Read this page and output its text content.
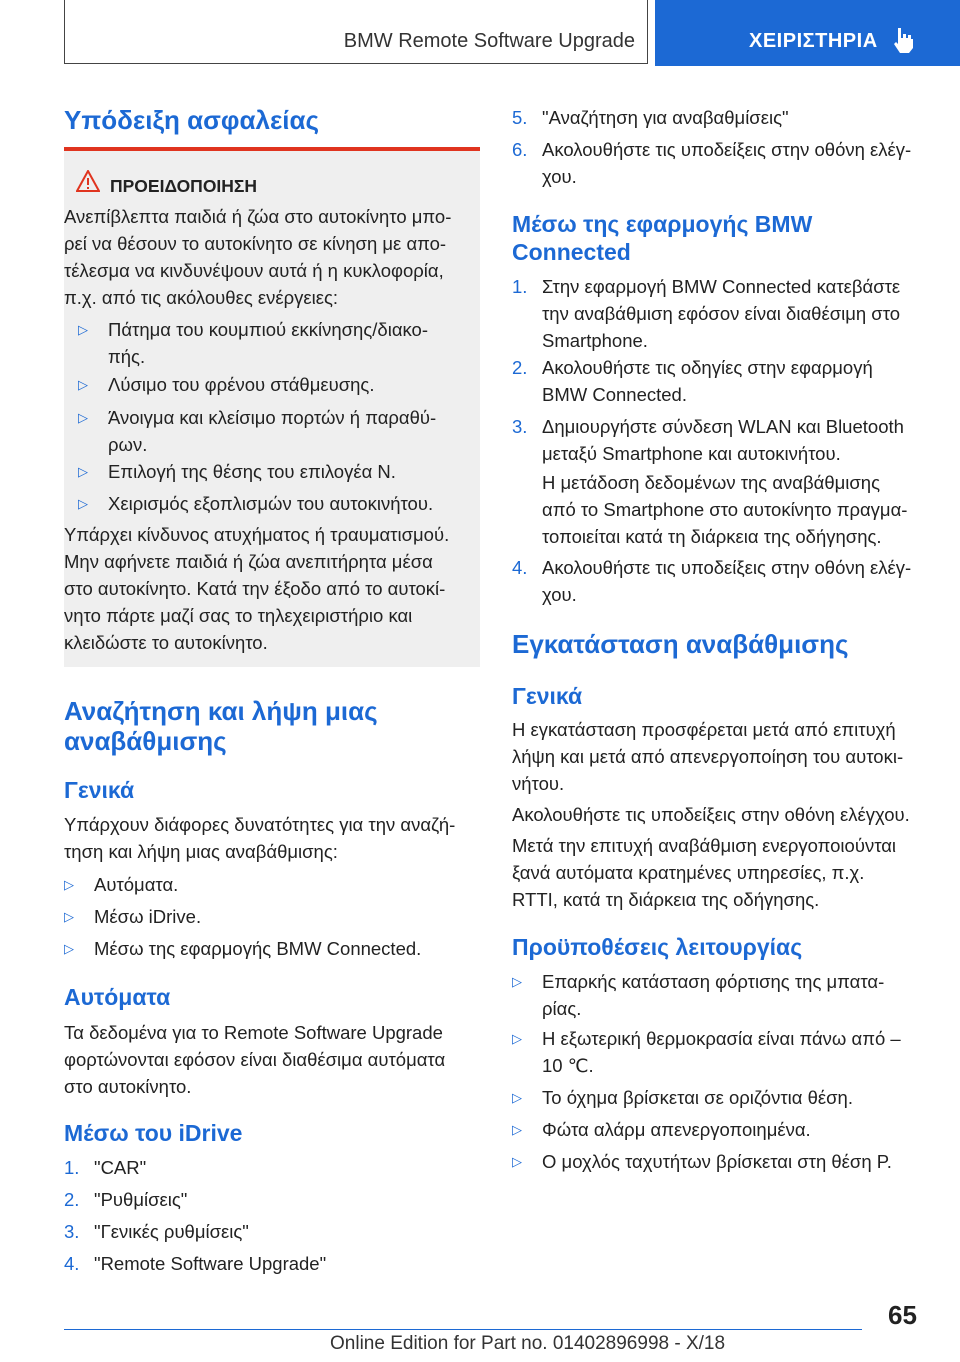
BMW Remote Software Upgrade	ΧΕΙΡΙΣΤΗΡΙΑ
Υπόδειξη ασφαλείας
ΠΡΟΕΙΔΟΠΟΙΗΣΗ
Ανεπίβλεπτα παιδιά ή ζώα στο αυτοκίνητο μπο-
ρεί να θέσουν το αυτοκίνητο σε κίνηση με απο-
τέλεσμα να κινδυνέψουν αυτά ή η κυκλοφορία,
π.χ. από τις ακόλουθες ενέργειες:
▷ Πάτημα του κουμπιού εκκίνησης/διακο-
πής.
▷ Λύσιμο του φρένου στάθμευσης.
▷ Άνοιγμα και κλείσιμο πορτών ή παραθύ-
ρων.
▷ Επιλογή της θέσης του επιλογέα N.
▷ Χειρισμός εξοπλισμών του αυτοκινήτου.
Υπάρχει κίνδυνος ατυχήματος ή τραυματισμού.
Μην αφήνετε παιδιά ή ζώα ανεπιτήρητα μέσα
στο αυτοκίνητο. Κατά την έξοδο από το αυτοκί-
νητο πάρτε μαζί σας το τηλεχειριστήριο και
κλειδώστε το αυτοκίνητο.
Αναζήτηση και λήψη μιας
αναβάθμισης
Γενικά
Υπάρχουν διάφορες δυνατότητες για την αναζή-
τηση και λήψη μιας αναβάθμισης:
▷ Αυτόματα.
▷ Μέσω iDrive.
▷ Μέσω της εφαρμογής BMW Connected.
Αυτόματα
Τα δεδομένα για το Remote Software Upgrade
φορτώνονται εφόσον είναι διαθέσιμα αυτόματα
στο αυτοκίνητο.
Μέσω του iDrive
1. "CAR"
2. "Ρυθμίσεις"
3. "Γενικές ρυθμίσεις"
4. "Remote Software Upgrade"
5. "Αναζήτηση για αναβαθμίσεις"
6. Ακολουθήστε τις υποδείξεις στην οθόνη ελέγ-
χου.
Μέσω της εφαρμογής BMW
Connected
1. Στην εφαρμογή BMW Connected κατεβάστε
την αναβάθμιση εφόσον είναι διαθέσιμη στο
Smartphone.
2. Ακολουθήστε τις οδηγίες στην εφαρμογή
BMW Connected.
3. Δημιουργήστε σύνδεση WLAN και Bluetooth
μεταξύ Smartphone και αυτοκινήτου.
Η μετάδοση δεδομένων της αναβάθμισης
από το Smartphone στο αυτοκίνητο πραγμα-
τοποιείται κατά τη διάρκεια της οδήγησης.
4. Ακολουθήστε τις υποδείξεις στην οθόνη ελέγ-
χου.
Εγκατάσταση αναβάθμισης
Γενικά
Η εγκατάσταση προσφέρεται μετά από επιτυχή
λήψη και μετά από απενεργοποίηση του αυτοκι-
νήτου.
Ακολουθήστε τις υποδείξεις στην οθόνη ελέγχου.
Μετά την επιτυχή αναβάθμιση ενεργοποιούνται
ξανά αυτόματα κρατημένες υπηρεσίες, π.χ.
RTTI, κατά τη διάρκεια της οδήγησης.
Προϋποθέσεις λειτουργίας
▷ Επαρκής κατάσταση φόρτισης της μπατα-
ρίας.
▷ Η εξωτερική θερμοκρασία είναι πάνω από –
10 ℃.
▷ Το όχημα βρίσκεται σε οριζόντια θέση.
▷ Φώτα αλάρμ απενεργοποιημένα.
▷ Ο μοχλός ταχυτήτων βρίσκεται στη θέση P.
65
Online Edition for Part no. 01402896998 - X/18
